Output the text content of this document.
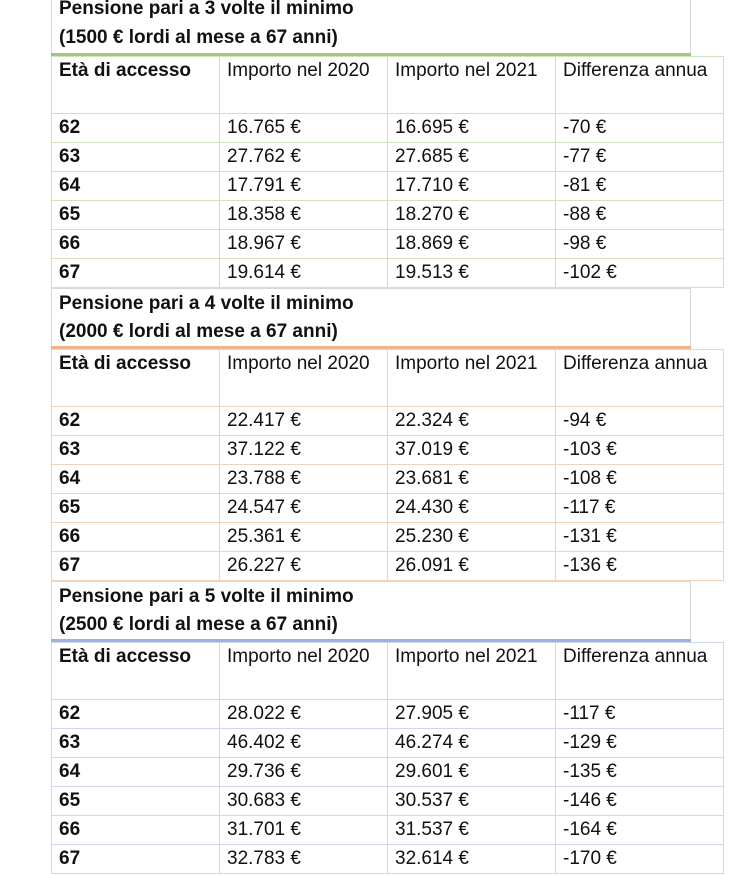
Pensione pari a 3 volte il minimo
(1500 € lordi al mese a 67 anni)
Età di accesso	Importo nel 2020	Importo nel 2021	Differenza annua
62	16.765 €	16.695 €	-70 €
63	27.762 €	27.685 €	-77 €
64	17.791 €	17.710 €	-81 €
65	18.358 €	18.270 €	-88 €
66	18.967 €	18.869 €	-98 €
67	19.614 €	19.513 €	-102 €
Pensione pari a 4 volte il minimo
(2000 € lordi al mese a 67 anni)
Età di accesso	Importo nel 2020	Importo nel 2021	Differenza annua
62	22.417 €	22.324 €	-94 €
63	37.122 €	37.019 €	-103 €
64	23.788 €	23.681 €	-108 €
65	24.547 €	24.430 €	-117 €
66	25.361 €	25.230 €	-131 €
67	26.227 €	26.091 €	-136 €
Pensione pari a 5 volte il minimo
(2500 € lordi al mese a 67 anni)
Età di accesso	Importo nel 2020	Importo nel 2021	Differenza annua
62	28.022 €	27.905 €	-117 €
63	46.402 €	46.274 €	-129 €
64	29.736 €	29.601 €	-135 €
65	30.683 €	30.537 €	-146 €
66	31.701 €	31.537 €	-164 €
67	32.783 €	32.614 €	-170 €
